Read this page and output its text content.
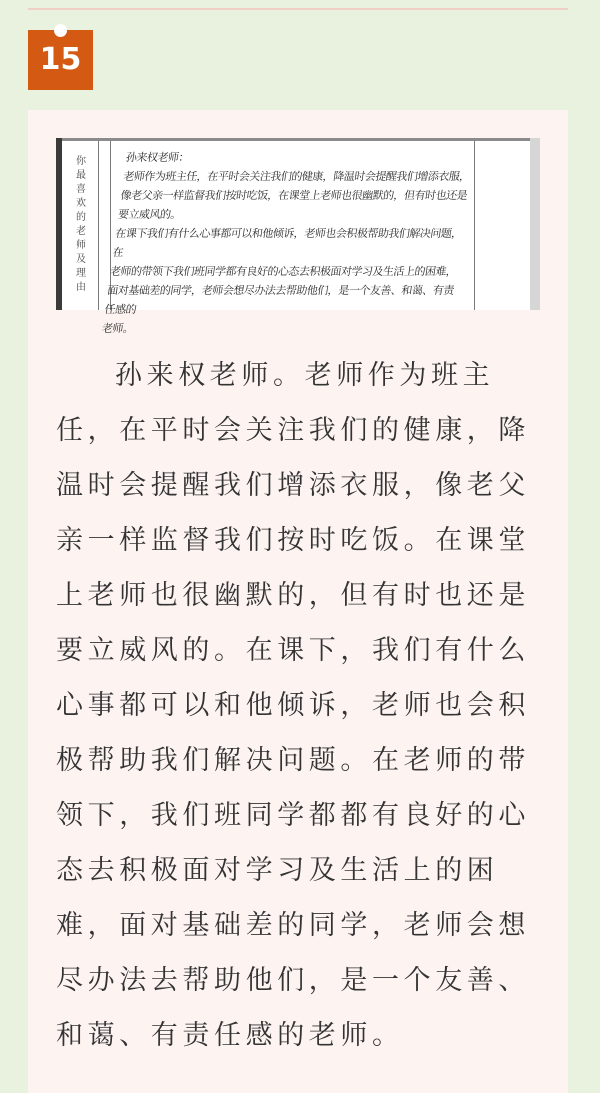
15
你最喜欢的老师及理由

孙来权老师：

老师作为班主任，在平时会关注我们的健康，降温时会提醒我们增添衣服，

像老父亲一样监督我们按时吃饭，在课堂上老师也很幽默的，但有时也还是

要立威风的。

在课下我们有什么心事都可以和他倾诉，老师也会积极帮助我们解决问题，在

老师的带领下我们班同学都有良好的心态去积极面对学习及生活上的困难，

面对基础差的同学，老师会想尽办法去帮助他们，是一个友善、和蔼、有责任感的

老师。

孙来权老师。老师作为班主任，在平时会关注我们的健康，降温时会提醒我们增添衣服，像老父亲一样监督我们按时吃饭。在课堂上老师也很幽默的，但有时也还是要立威风的。在课下，我们有什么心事都可以和他倾诉，老师也会积极帮助我们解决问题。在老师的带领下，我们班同学都都有良好的心态去积极面对学习及生活上的困难，面对基础差的同学，老师会想尽办法去帮助他们，是一个友善、和蔼、有责任感的老师。
